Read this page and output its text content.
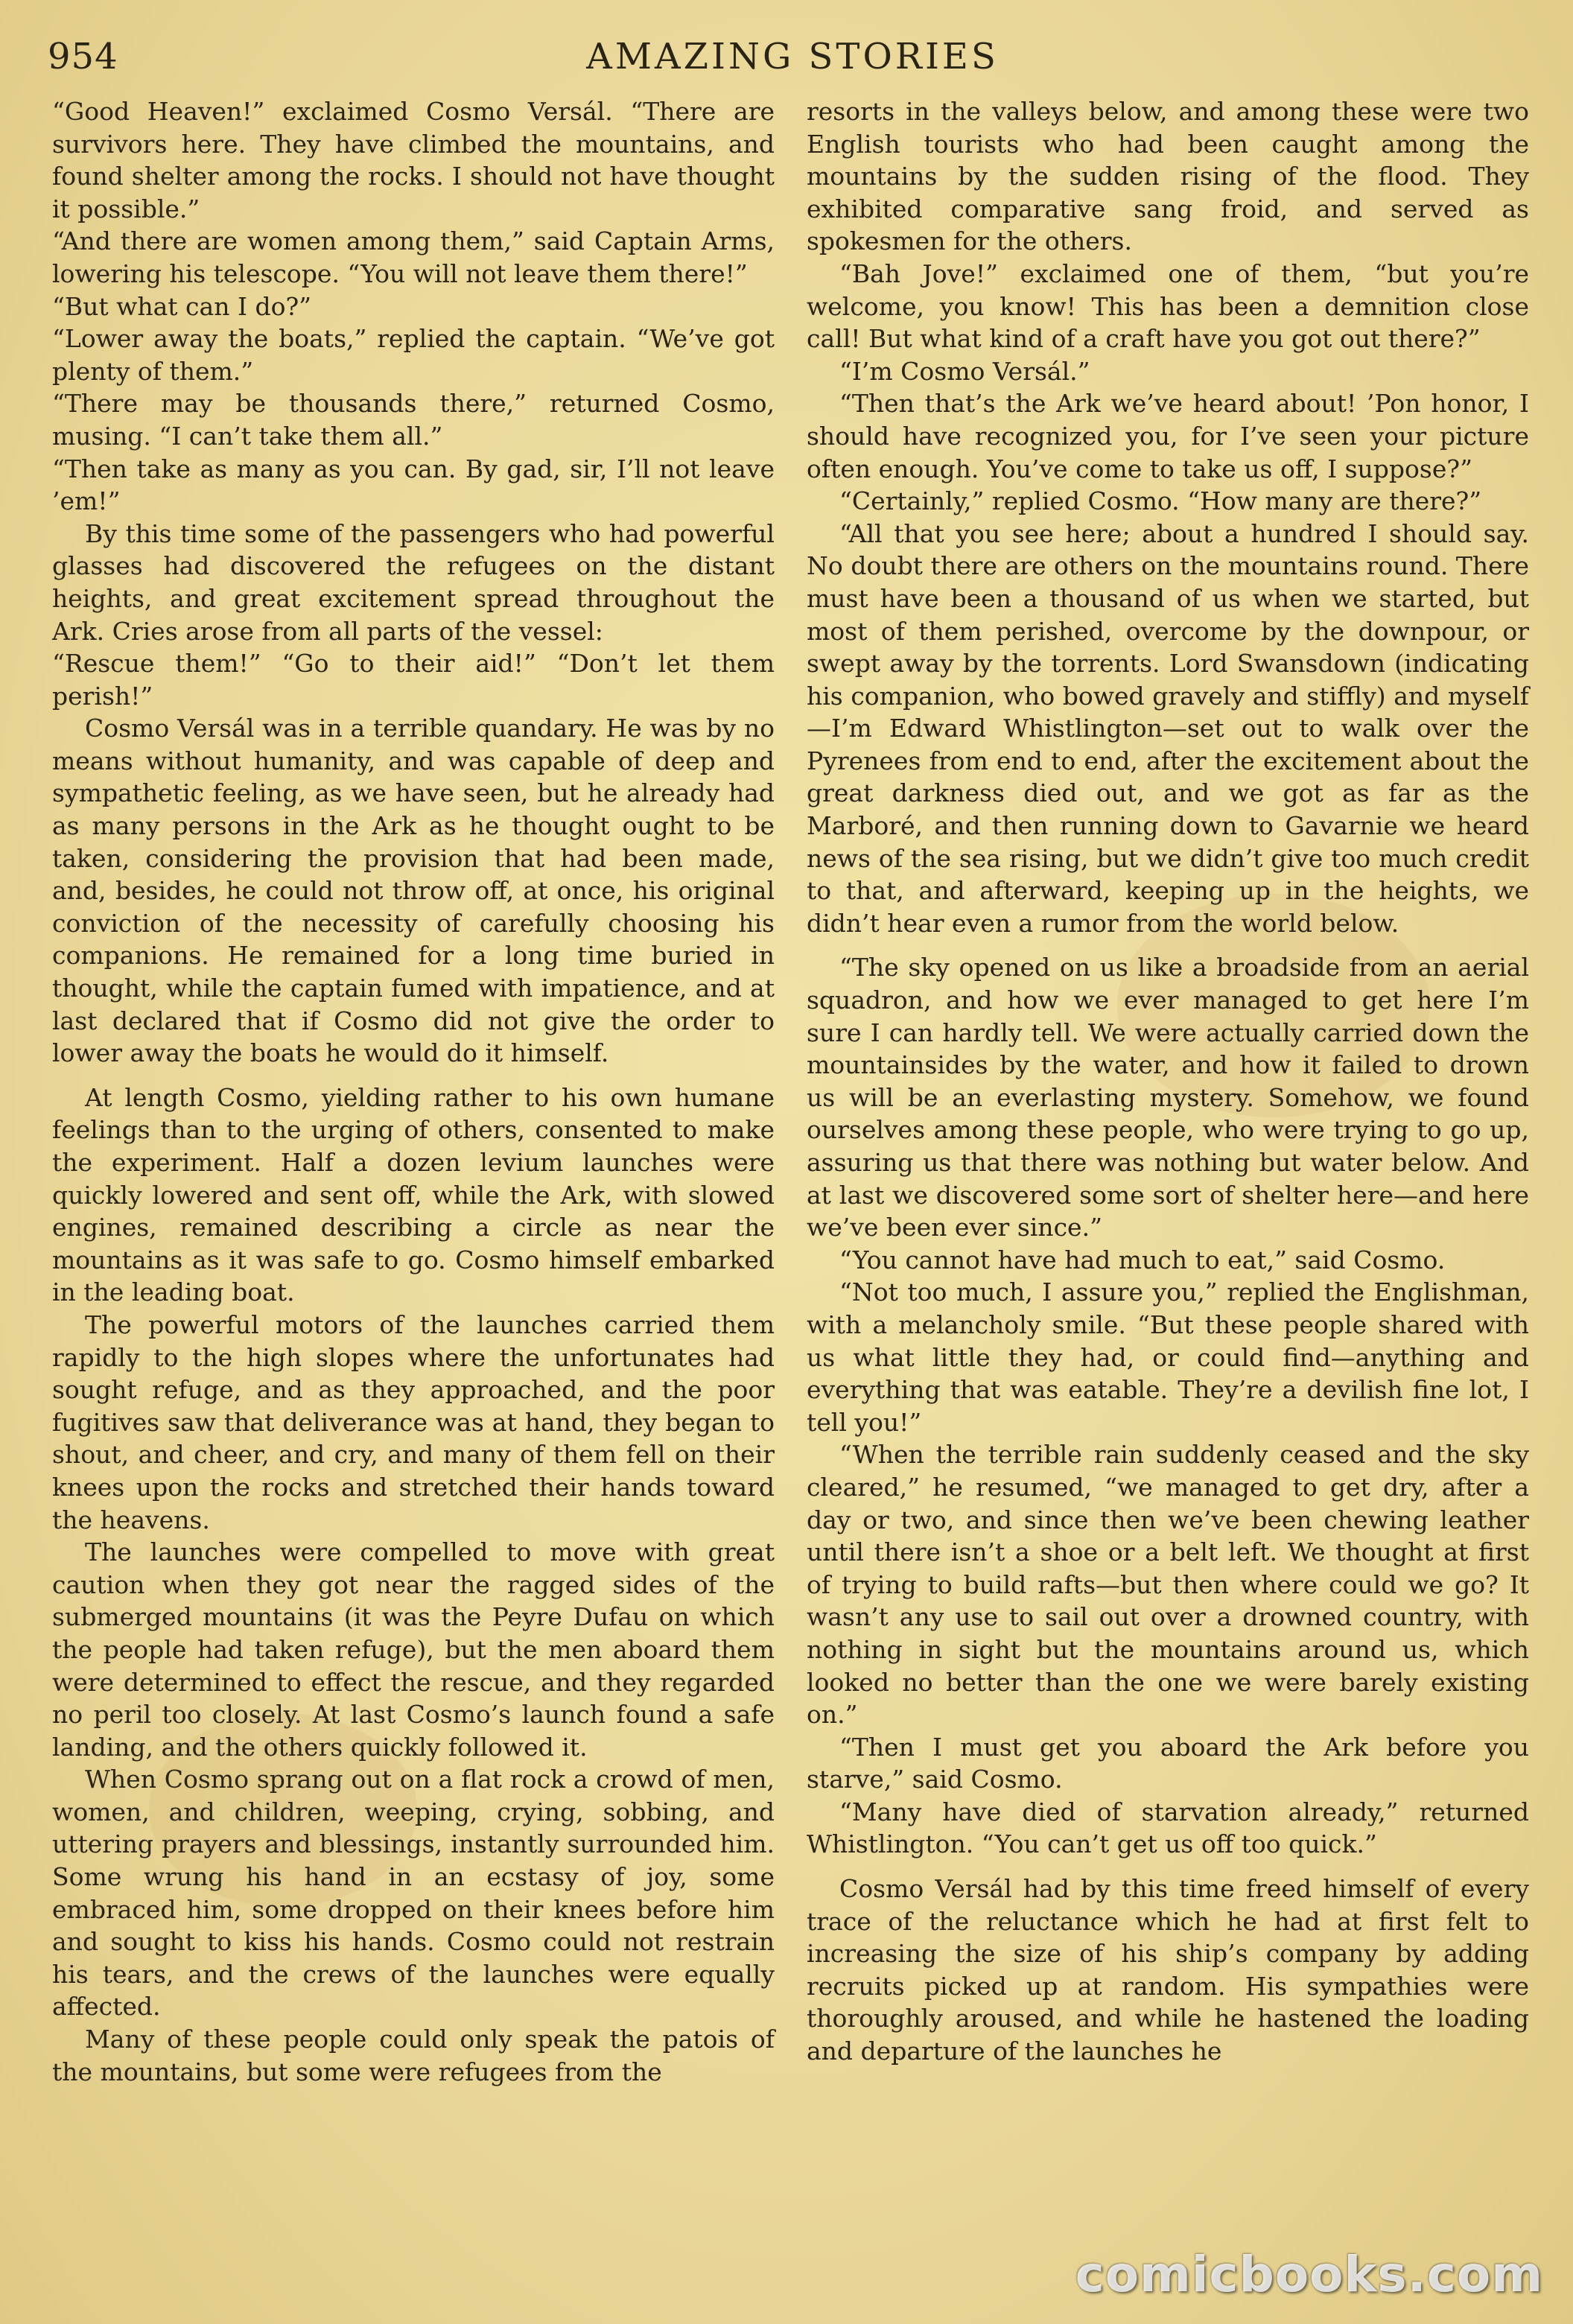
954	AMAZING STORIES

“Good Heaven!” exclaimed Cosmo Versál. “There are survivors here. They have climbed the mountains, and found shelter among the rocks. I should not have thought it possible.”

“And there are women among them,” said Captain Arms, lowering his telescope. “You will not leave them there!”

“But what can I do?”

“Lower away the boats,” replied the captain. “We’ve got plenty of them.”

“There may be thousands there,” returned Cosmo, musing. “I can’t take them all.”

“Then take as many as you can. By gad, sir, I’ll not leave ’em!”

By this time some of the passengers who had powerful glasses had discovered the refugees on the distant heights, and great excitement spread throughout the Ark. Cries arose from all parts of the vessel:

“Rescue them!” “Go to their aid!” “Don’t let them perish!”

Cosmo Versál was in a terrible quandary. He was by no means without humanity, and was capable of deep and sympathetic feeling, as we have seen, but he already had as many persons in the Ark as he thought ought to be taken, considering the provision that had been made, and, besides, he could not throw off, at once, his original conviction of the necessity of carefully choosing his companions. He remained for a long time buried in thought, while the captain fumed with impatience, and at last declared that if Cosmo did not give the order to lower away the boats he would do it himself.

At length Cosmo, yielding rather to his own humane feelings than to the urging of others, consented to make the experiment. Half a dozen levium launches were quickly lowered and sent off, while the Ark, with slowed engines, remained describing a circle as near the mountains as it was safe to go. Cosmo himself embarked in the leading boat.

The powerful motors of the launches carried them rapidly to the high slopes where the unfortunates had sought refuge, and as they approached, and the poor fugitives saw that deliverance was at hand, they began to shout, and cheer, and cry, and many of them fell on their knees upon the rocks and stretched their hands toward the heavens.

The launches were compelled to move with great caution when they got near the ragged sides of the submerged mountains (it was the Peyre Dufau on which the people had taken refuge), but the men aboard them were determined to effect the rescue, and they regarded no peril too closely. At last Cosmo’s launch found a safe landing, and the others quickly followed it.

When Cosmo sprang out on a flat rock a crowd of men, women, and children, weeping, crying, sobbing, and uttering prayers and blessings, instantly surrounded him. Some wrung his hand in an ecstasy of joy, some embraced him, some dropped on their knees before him and sought to kiss his hands. Cosmo could not restrain his tears, and the crews of the launches were equally affected.

Many of these people could only speak the patois of the mountains, but some were refugees from the

resorts in the valleys below, and among these were two English tourists who had been caught among the mountains by the sudden rising of the flood. They exhibited comparative sang froid, and served as spokesmen for the others.

“Bah Jove!” exclaimed one of them, “but you’re welcome, you know! This has been a demnition close call! But what kind of a craft have you got out there?”

“I’m Cosmo Versál.”

“Then that’s the Ark we’ve heard about! ’Pon honor, I should have recognized you, for I’ve seen your picture often enough. You’ve come to take us off, I suppose?”

“Certainly,” replied Cosmo. “How many are there?”

“All that you see here; about a hundred I should say. No doubt there are others on the mountains round. There must have been a thousand of us when we started, but most of them perished, overcome by the downpour, or swept away by the torrents. Lord Swansdown (indicating his companion, who bowed gravely and stiffly) and myself—I’m Edward Whistlington—set out to walk over the Pyrenees from end to end, after the excitement about the great darkness died out, and we got as far as the Marboré, and then running down to Gavarnie we heard news of the sea rising, but we didn’t give too much credit to that, and afterward, keeping up in the heights, we didn’t hear even a rumor from the world below.

“The sky opened on us like a broadside from an aerial squadron, and how we ever managed to get here I’m sure I can hardly tell. We were actually carried down the mountainsides by the water, and how it failed to drown us will be an everlasting mystery. Somehow, we found ourselves among these people, who were trying to go up, assuring us that there was nothing but water below. And at last we discovered some sort of shelter here—and here we’ve been ever since.”

“You cannot have had much to eat,” said Cosmo.

“Not too much, I assure you,” replied the Englishman, with a melancholy smile. “But these people shared with us what little they had, or could find—anything and everything that was eatable. They’re a devilish fine lot, I tell you!”

“When the terrible rain suddenly ceased and the sky cleared,” he resumed, “we managed to get dry, after a day or two, and since then we’ve been chewing leather until there isn’t a shoe or a belt left. We thought at first of trying to build rafts—but then where could we go? It wasn’t any use to sail out over a drowned country, with nothing in sight but the mountains around us, which looked no better than the one we were barely existing on.”

“Then I must get you aboard the Ark before you starve,” said Cosmo.

“Many have died of starvation already,” returned Whistlington. “You can’t get us off too quick.”

Cosmo Versál had by this time freed himself of every trace of the reluctance which he had at first felt to increasing the size of his ship’s company by adding recruits picked up at random. His sympathies were thoroughly aroused, and while he hastened the loading and departure of the launches he

comicbooks.com
